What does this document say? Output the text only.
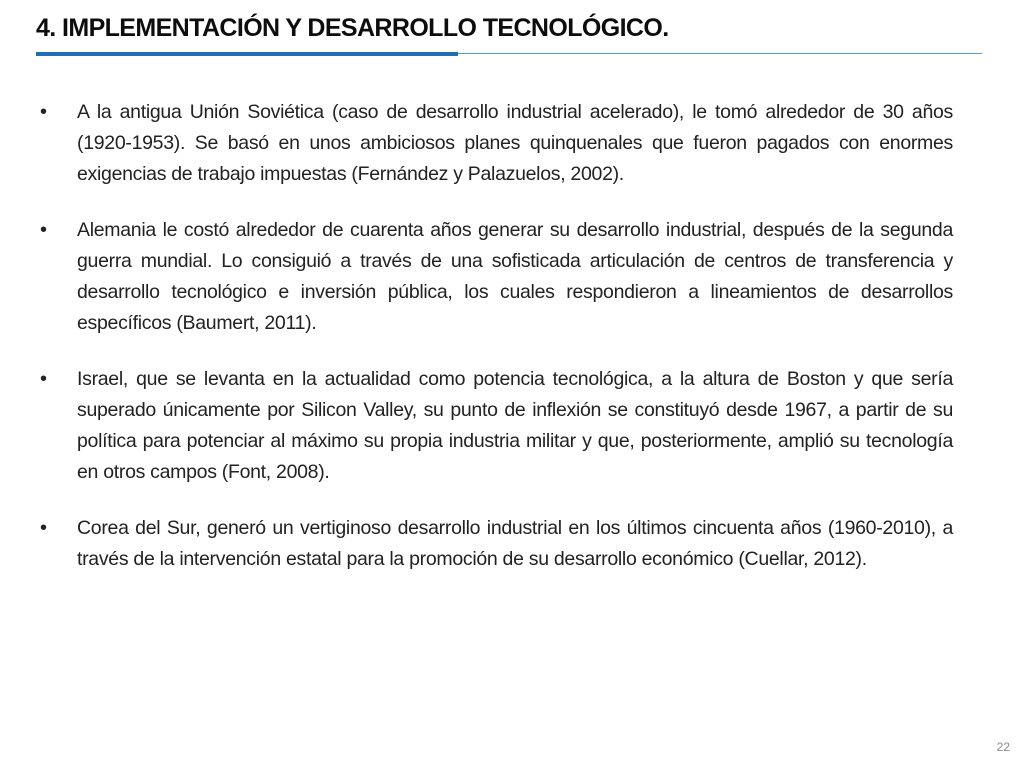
4. IMPLEMENTACIÓN Y DESARROLLO TECNOLÓGICO.
•	A la antigua Unión Soviética (caso de desarrollo industrial acelerado), le tomó alrededor de 30 años (1920-1953). Se basó en unos ambiciosos planes quinquenales que fueron pagados con enormes exigencias de trabajo impuestas (Fernández y Palazuelos, 2002).
•	Alemania le costó alrededor de cuarenta años generar su desarrollo industrial, después de la segunda guerra mundial. Lo consiguió a través de una sofisticada articulación de centros de transferencia y desarrollo tecnológico e inversión pública, los cuales respondieron a lineamientos de desarrollos específicos (Baumert, 2011).
•	Israel, que se levanta en la actualidad como potencia tecnológica, a la altura de Boston y que sería superado únicamente por Silicon Valley, su punto de inflexión se constituyó desde 1967, a partir de su política para potenciar al máximo su propia industria militar y que, posteriormente, amplió su tecnología en otros campos (Font, 2008).
•	Corea del Sur, generó un vertiginoso desarrollo industrial en los últimos cincuenta años (1960-2010), a través de la intervención estatal para la promoción de su desarrollo económico (Cuellar, 2012).
22
